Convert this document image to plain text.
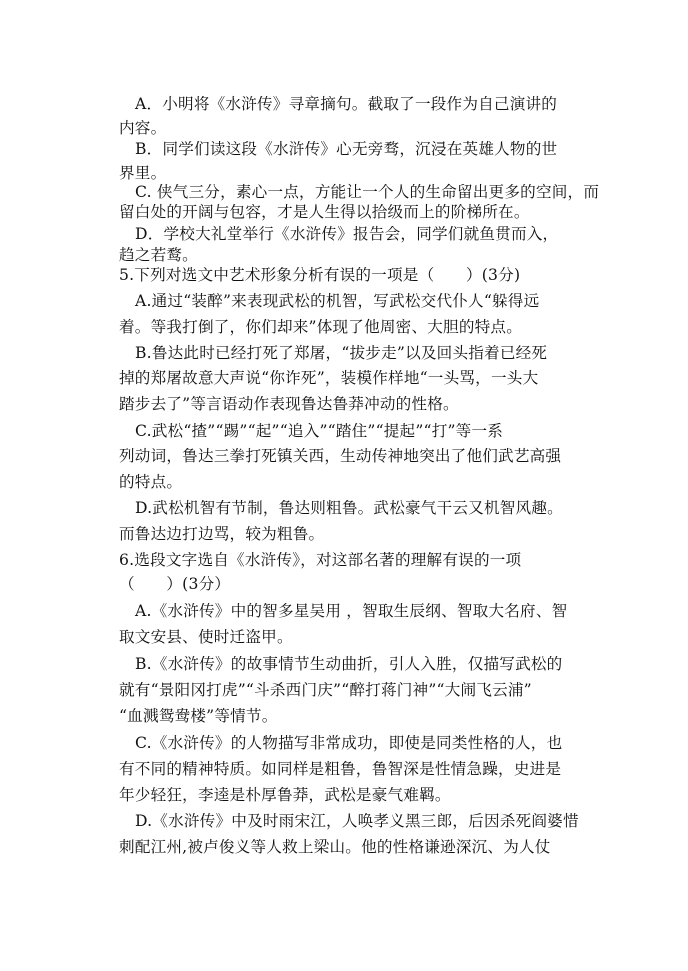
A．小明将《水浒传》寻章摘句。截取了一段作为自己演讲的
内容。
B．同学们读这段《水浒传》心无旁骛，沉浸在英雄人物的世
界里。
C. 侠气三分，素心一点，方能让一个人的生命留出更多的空间，而
留白处的开阔与包容，才是人生得以拾级而上的阶梯所在。
D．学校大礼堂举行《水浒传》报告会，同学们就鱼贯而入，
趋之若鹜。
5.下列对选文中艺术形象分析有误的一项是（　　）(3分)
A.通过“装醉”来表现武松的机智，写武松交代仆人“躲得远
着。等我打倒了，你们却来”体现了他周密、大胆的特点。
B.鲁达此时已经打死了郑屠，“拔步走”以及回头指着已经死
掉的郑屠故意大声说“你诈死”，装模作样地“一头骂，一头大
踏步去了”等言语动作表现鲁达鲁莽冲动的性格。
C.武松“揸”“踢”“起”“追入”“踏住”“提起”“打”等一系
列动词，鲁达三拳打死镇关西，生动传神地突出了他们武艺高强
的特点。
D.武松机智有节制，鲁达则粗鲁。武松豪气干云又机智风趣。
而鲁达边打边骂，较为粗鲁。
6.选段文字选自《水浒传》，对这部名著的理解有误的一项
（　　）(3分）
A.《水浒传》中的智多星吴用 ，智取生辰纲、智取大名府、智
取文安县、使时迁盗甲。
B.《水浒传》的故事情节生动曲折，引人入胜，仅描写武松的
就有“景阳冈打虎”“斗杀西门庆”“醉打蒋门神”“大闹飞云浦”
“血溅鸳鸯楼”等情节。
C.《水浒传》的人物描写非常成功，即使是同类性格的人，也
有不同的精神特质。如同样是粗鲁，鲁智深是性情急躁，史进是
年少轻狂，李逵是朴厚鲁莽，武松是豪气难羁。
D.《水浒传》中及时雨宋江，人唤孝义黑三郎，后因杀死阎婆惜
刺配江州,被卢俊义等人救上梁山。他的性格谦逊深沉、为人仗
